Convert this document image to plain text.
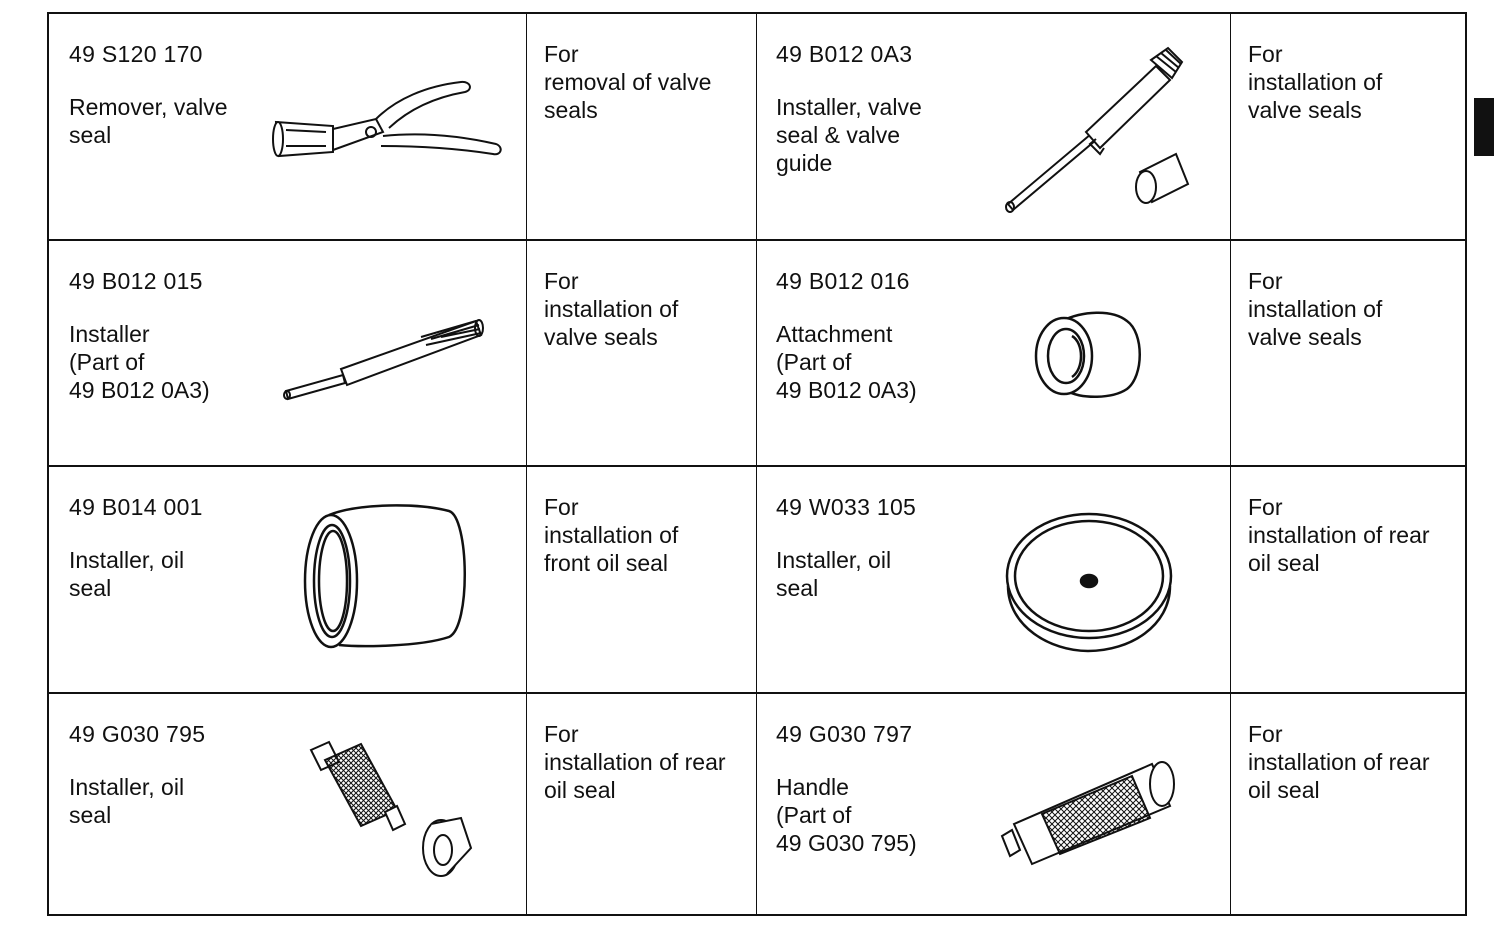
49 S120 170
Remover, valve
seal
For
removal of valve
seals
49 B012 0A3
Installer, valve
seal & valve
guide
For
installation of
valve seals
49 B012 015
Installer
(Part of
49 B012 0A3)
For
installation of
valve seals
49 B012 016
Attachment
(Part of
49 B012 0A3)
For
installation of
valve seals
49 B014 001
Installer, oil
seal
For
installation of
front oil seal
49 W033 105
Installer, oil
seal
For
installation of rear
oil seal
49 G030 795
Installer, oil
seal
For
installation of rear
oil seal
49 G030 797
Handle
(Part of
49 G030 795)
For
installation of rear
oil seal
